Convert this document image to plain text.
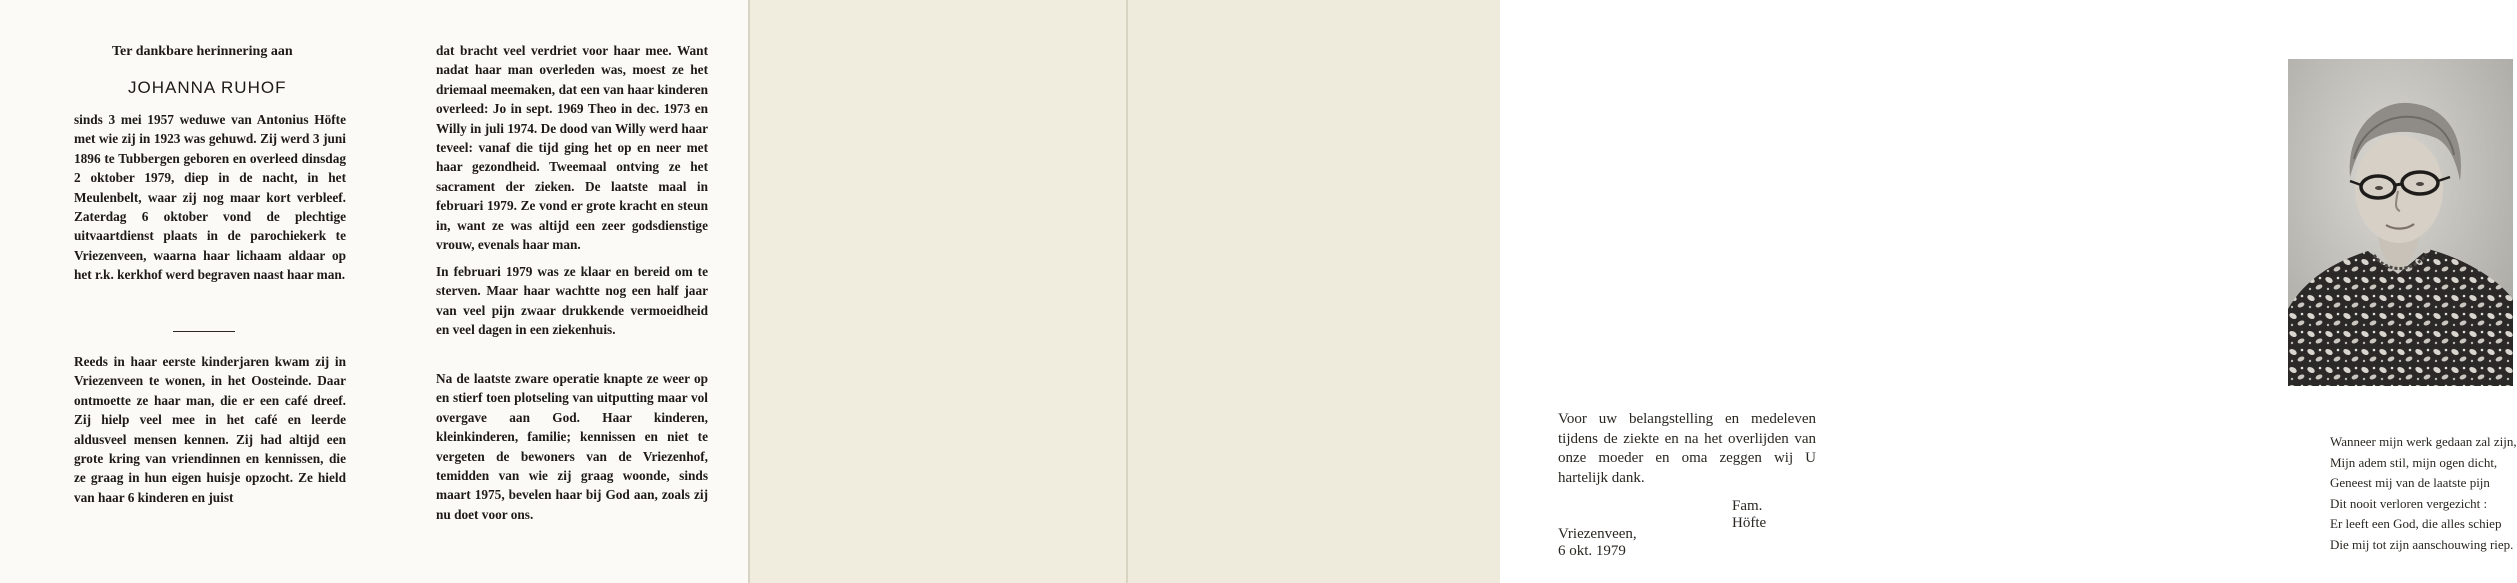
Ter dankbare herinnering aan
JOHANNA RUHOF

sinds 3 mei 1957 weduwe van Antonius Höfte met wie zij in 1923 was gehuwd. Zij werd 3 juni 1896 te Tubbergen geboren en overleed dinsdag 2 oktober 1979, diep in de nacht, in het Meulenbelt, waar zij nog maar kort verbleef. Zaterdag 6 oktober vond de plechtige uitvaartdienst plaats in de parochiekerk te Vriezenveen, waarna haar lichaam aldaar op het r.k. kerkhof werd begraven naast haar man.

Reeds in haar eerste kinderjaren kwam zij in Vriezenveen te wonen, in het Oosteinde. Daar ontmoette ze haar man, die er een café dreef. Zij hielp veel mee in het café en leerde aldusveel mensen kennen. Zij had altijd een grote kring van vriendinnen en kennissen, die ze graag in hun eigen huisje opzocht. Ze hield van haar 6 kinderen en juist

dat bracht veel verdriet voor haar mee. Want nadat haar man overleden was, moest ze het driemaal meemaken, dat een van haar kinderen overleed: Jo in sept. 1969 Theo in dec. 1973 en Willy in juli 1974. De dood van Willy werd haar teveel: vanaf die tijd ging het op en neer met haar gezondheid. Tweemaal ontving ze het sacrament der zieken. De laatste maal in februari 1979. Ze vond er grote kracht en steun in, want ze was altijd een zeer godsdienstige vrouw, evenals haar man.

In februari 1979 was ze klaar en bereid om te sterven. Maar haar wachtte nog een half jaar van veel pijn zwaar drukkende vermoeidheid en veel dagen in een ziekenhuis.

Na de laatste zware operatie knapte ze weer op en stierf toen plotseling van uitputting maar vol overgave aan God. Haar kinderen, kleinkinderen, familie; kennissen en niet te vergeten de bewoners van de Vriezenhof, temidden van wie zij graag woonde, sinds maart 1975, bevelen haar bij God aan, zoals zij nu doet voor ons.

Voor uw belangstelling en medeleven tijdens de ziekte en na het overlijden van onze moeder en oma zeggen wij U hartelijk dank.
Fam. Höfte
Vriezenveen, 6 okt. 1979
Wanneer mijn werk gedaan zal zijn,
Mijn adem stil, mijn ogen dicht,
Geneest mij van de laatste pijn
Dit nooit verloren vergezicht :
Er leeft een God, die alles schiep
Die mij tot zijn aanschouwing riep.
